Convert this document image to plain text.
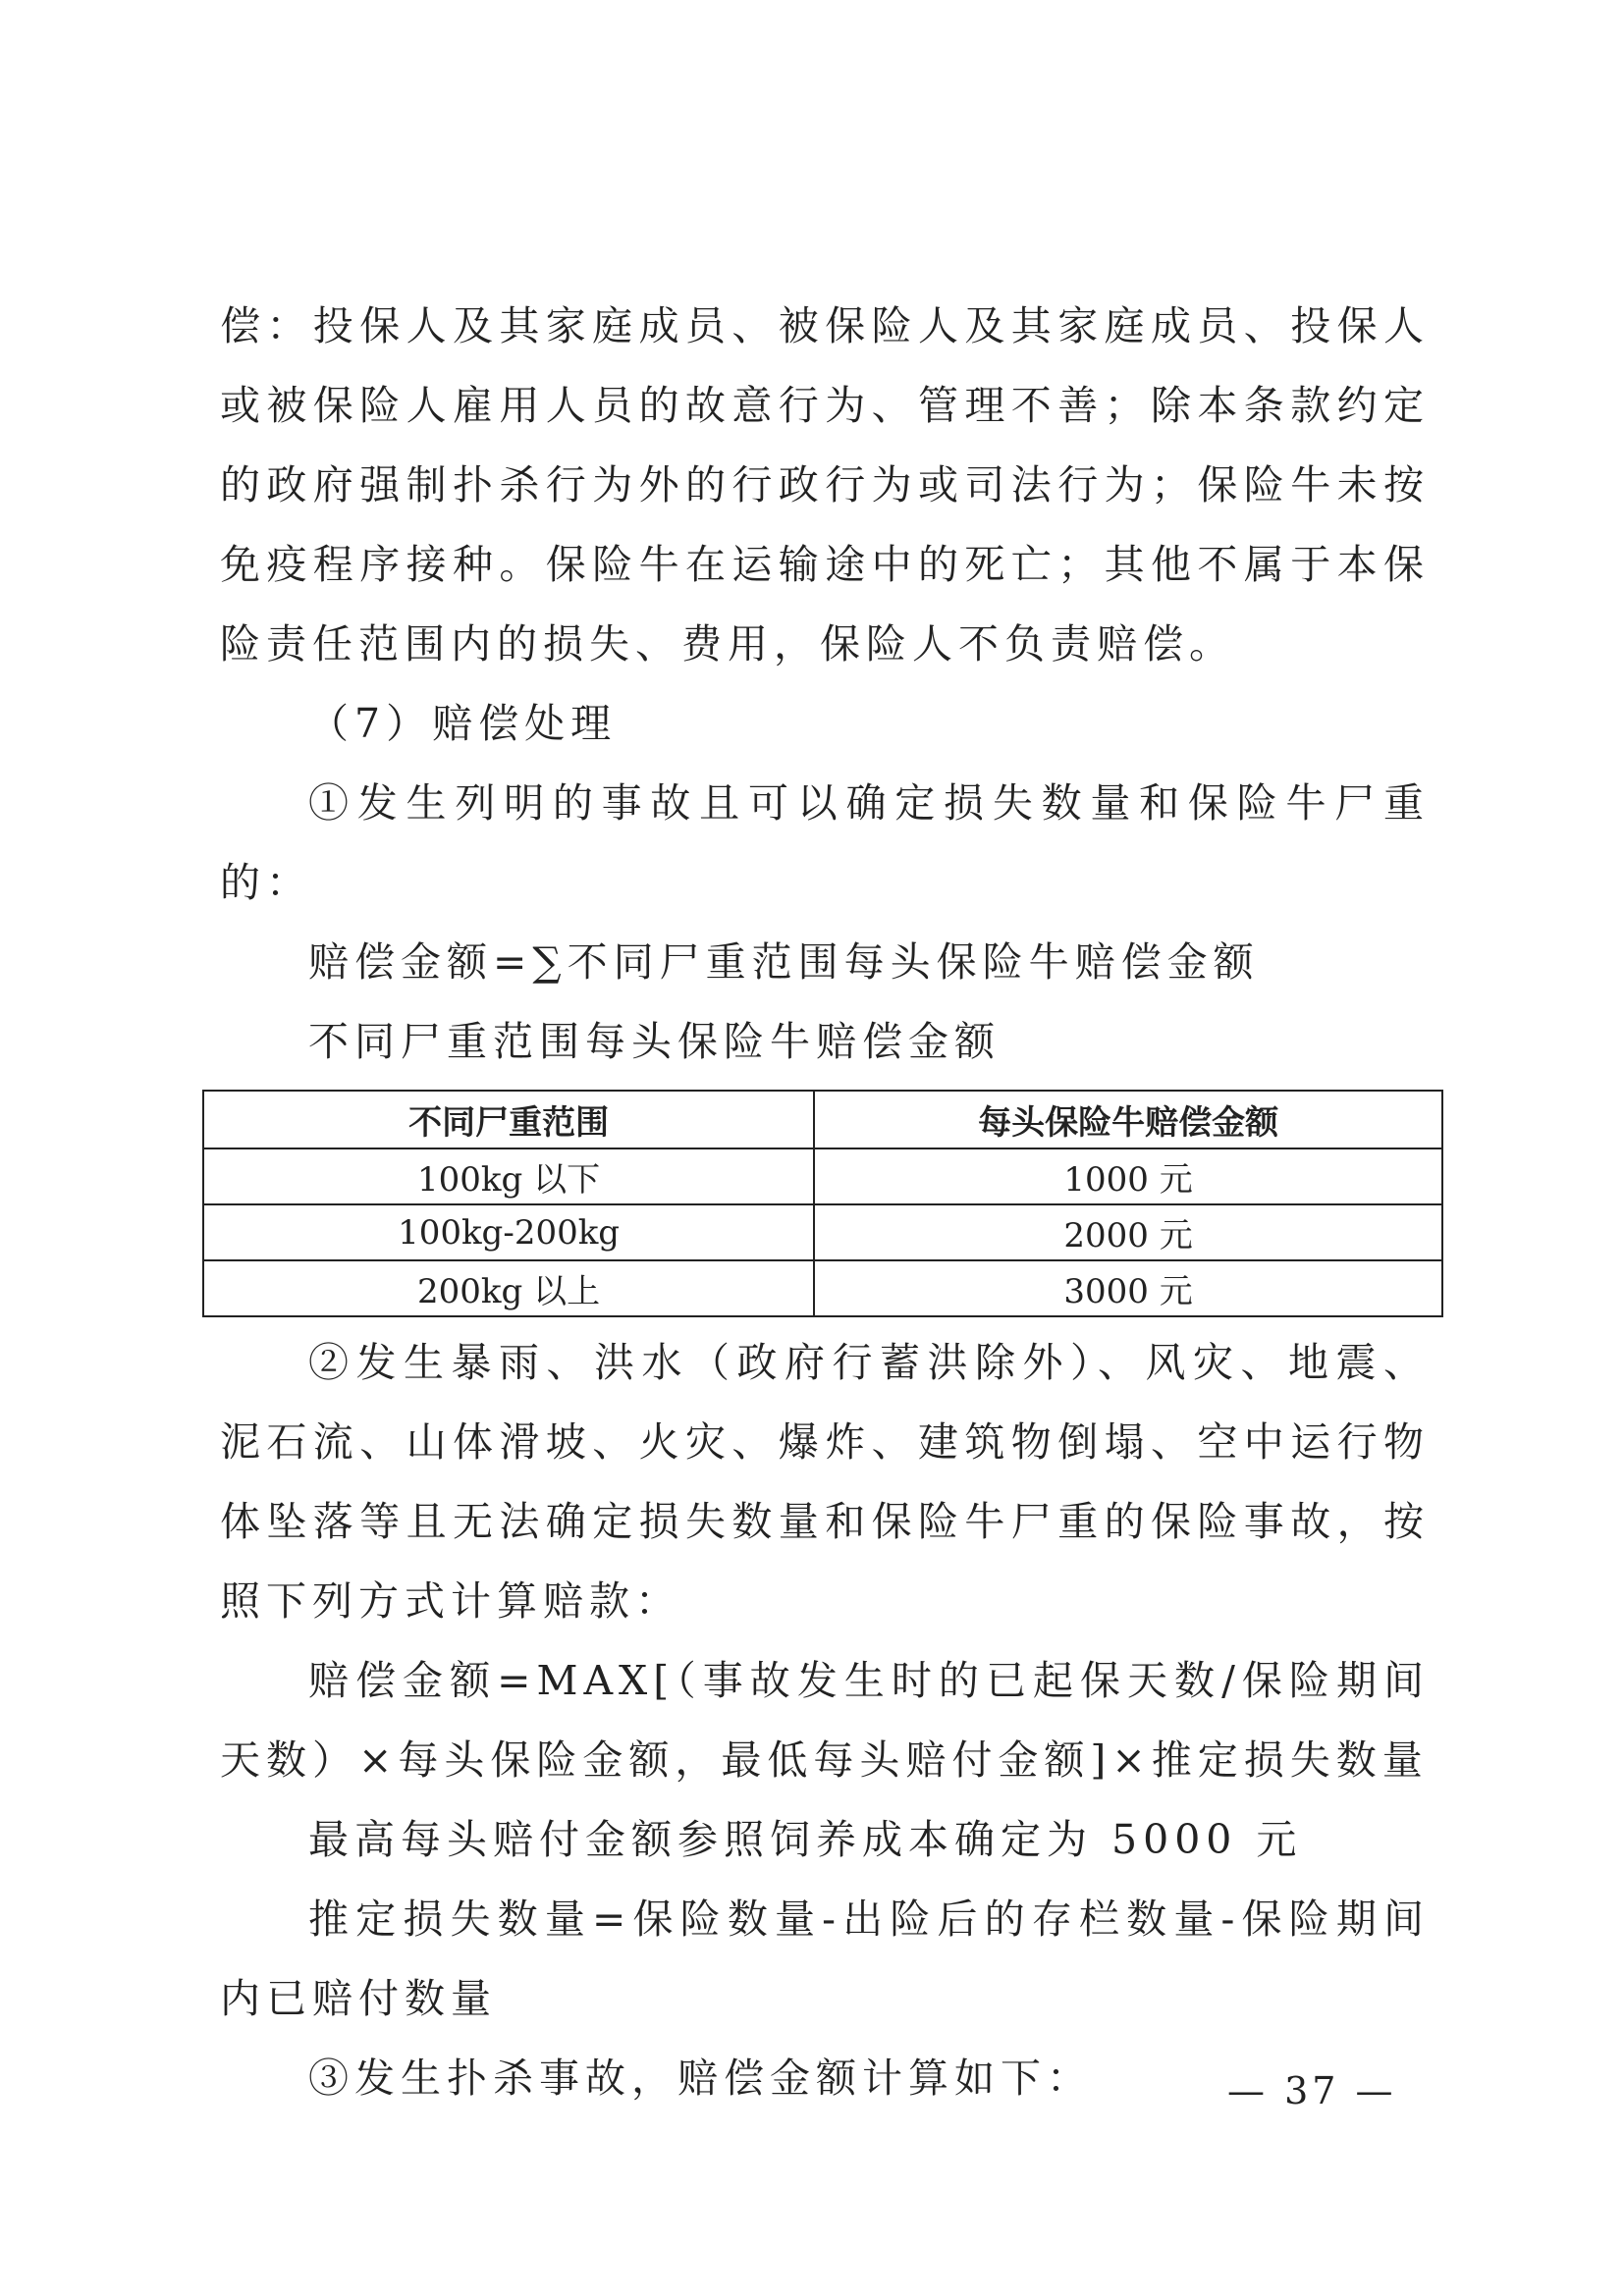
偿：投保人及其家庭成员、被保险人及其家庭成员、投保人或被保险人雇用人员的故意行为、管理不善；除本条款约定的政府强制扑杀行为外的行政行为或司法行为；保险牛未按免疫程序接种。保险牛在运输途中的死亡；其他不属于本保险责任范围内的损失、费用，保险人不负责赔偿。

（7）赔偿处理

①发生列明的事故且可以确定损失数量和保险牛尸重的：

赔偿金额=∑不同尸重范围每头保险牛赔偿金额

不同尸重范围每头保险牛赔偿金额

不同尸重范围	每头保险牛赔偿金额
100kg 以下	1000 元
100kg-200kg	2000 元
200kg 以上	3000 元

②发生暴雨、洪水（政府行蓄洪除外）、风灾、地震、泥石流、山体滑坡、火灾、爆炸、建筑物倒塌、空中运行物体坠落等且无法确定损失数量和保险牛尸重的保险事故，按照下列方式计算赔款：

赔偿金额=MAX[（事故发生时的已起保天数/保险期间天数）×每头保险金额，最低每头赔付金额]×推定损失数量

最高每头赔付金额参照饲养成本确定为 5000 元

推定损失数量=保险数量-出险后的存栏数量-保险期间内已赔付数量

③发生扑杀事故，赔偿金额计算如下：	— 37 —
